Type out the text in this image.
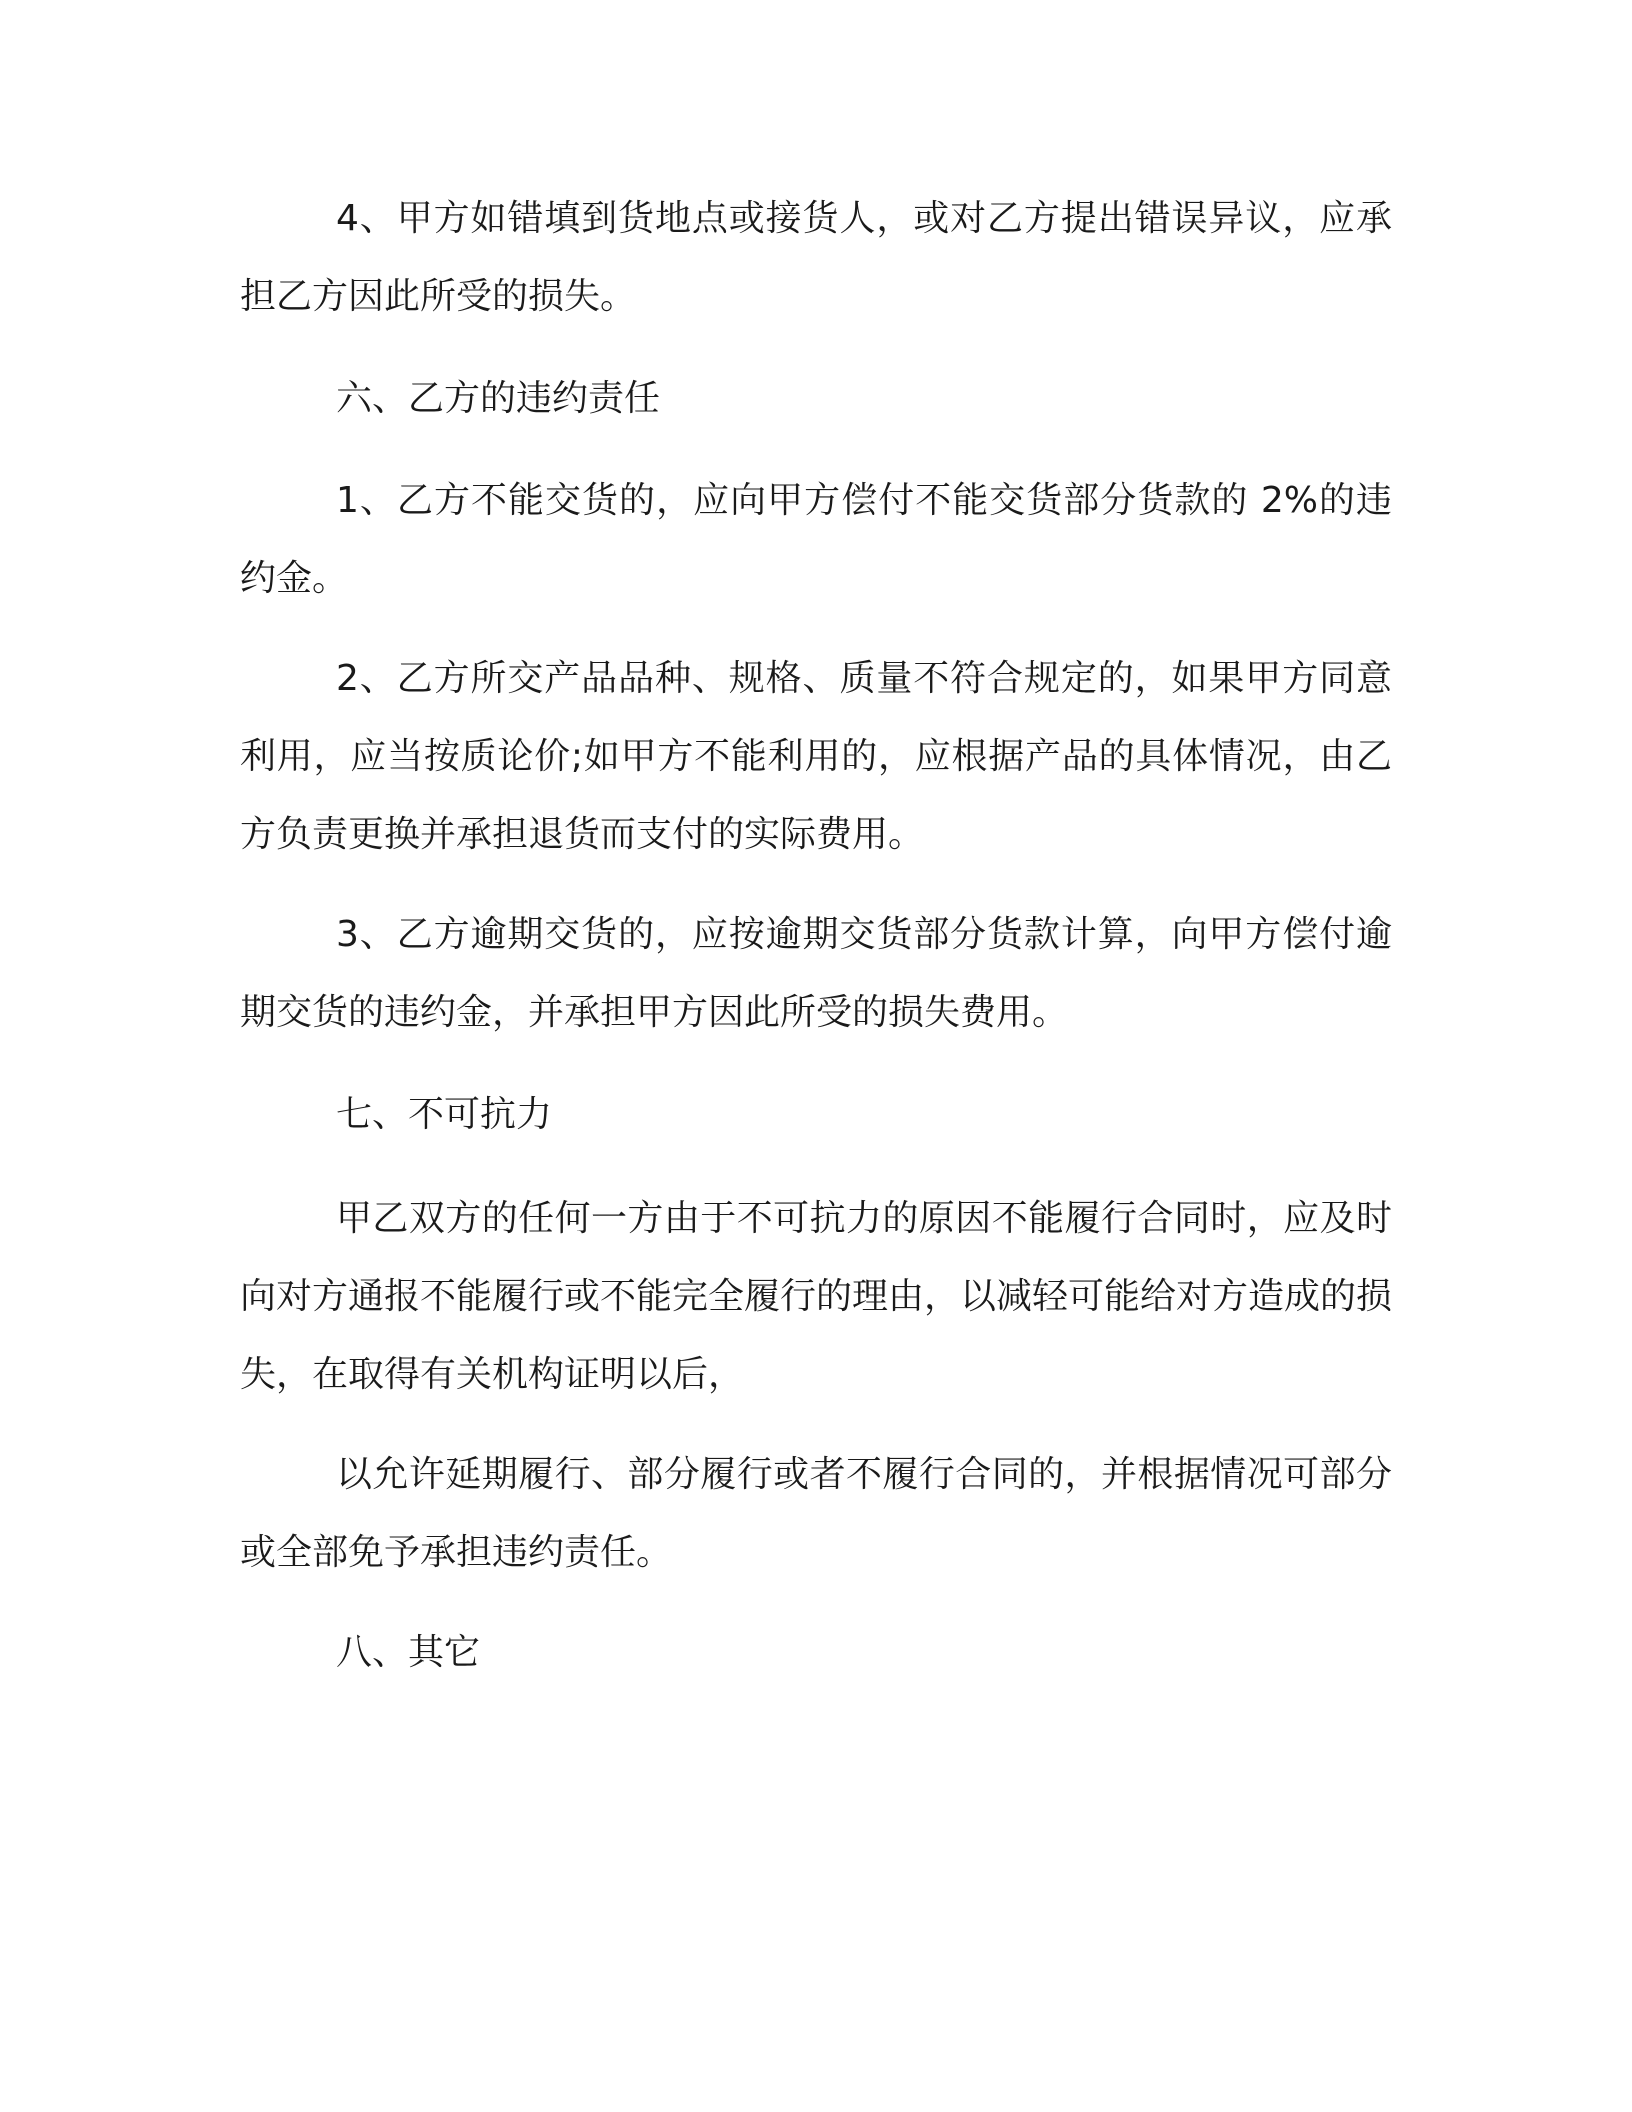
4、甲方如错填到货地点或接货人，或对乙方提出错误异议，应承担乙方因此所受的损失。

六、乙方的违约责任

1、乙方不能交货的，应向甲方偿付不能交货部分货款的 2%的违约金。

2、乙方所交产品品种、规格、质量不符合规定的，如果甲方同意利用，应当按质论价;如甲方不能利用的，应根据产品的具体情况，由乙方负责更换并承担退货而支付的实际费用。

3、乙方逾期交货的，应按逾期交货部分货款计算，向甲方偿付逾期交货的违约金，并承担甲方因此所受的损失费用。

七、不可抗力

甲乙双方的任何一方由于不可抗力的原因不能履行合同时，应及时向对方通报不能履行或不能完全履行的理由，以减轻可能给对方造成的损失，在取得有关机构证明以后，

以允许延期履行、部分履行或者不履行合同的，并根据情况可部分或全部免予承担违约责任。

八、其它
